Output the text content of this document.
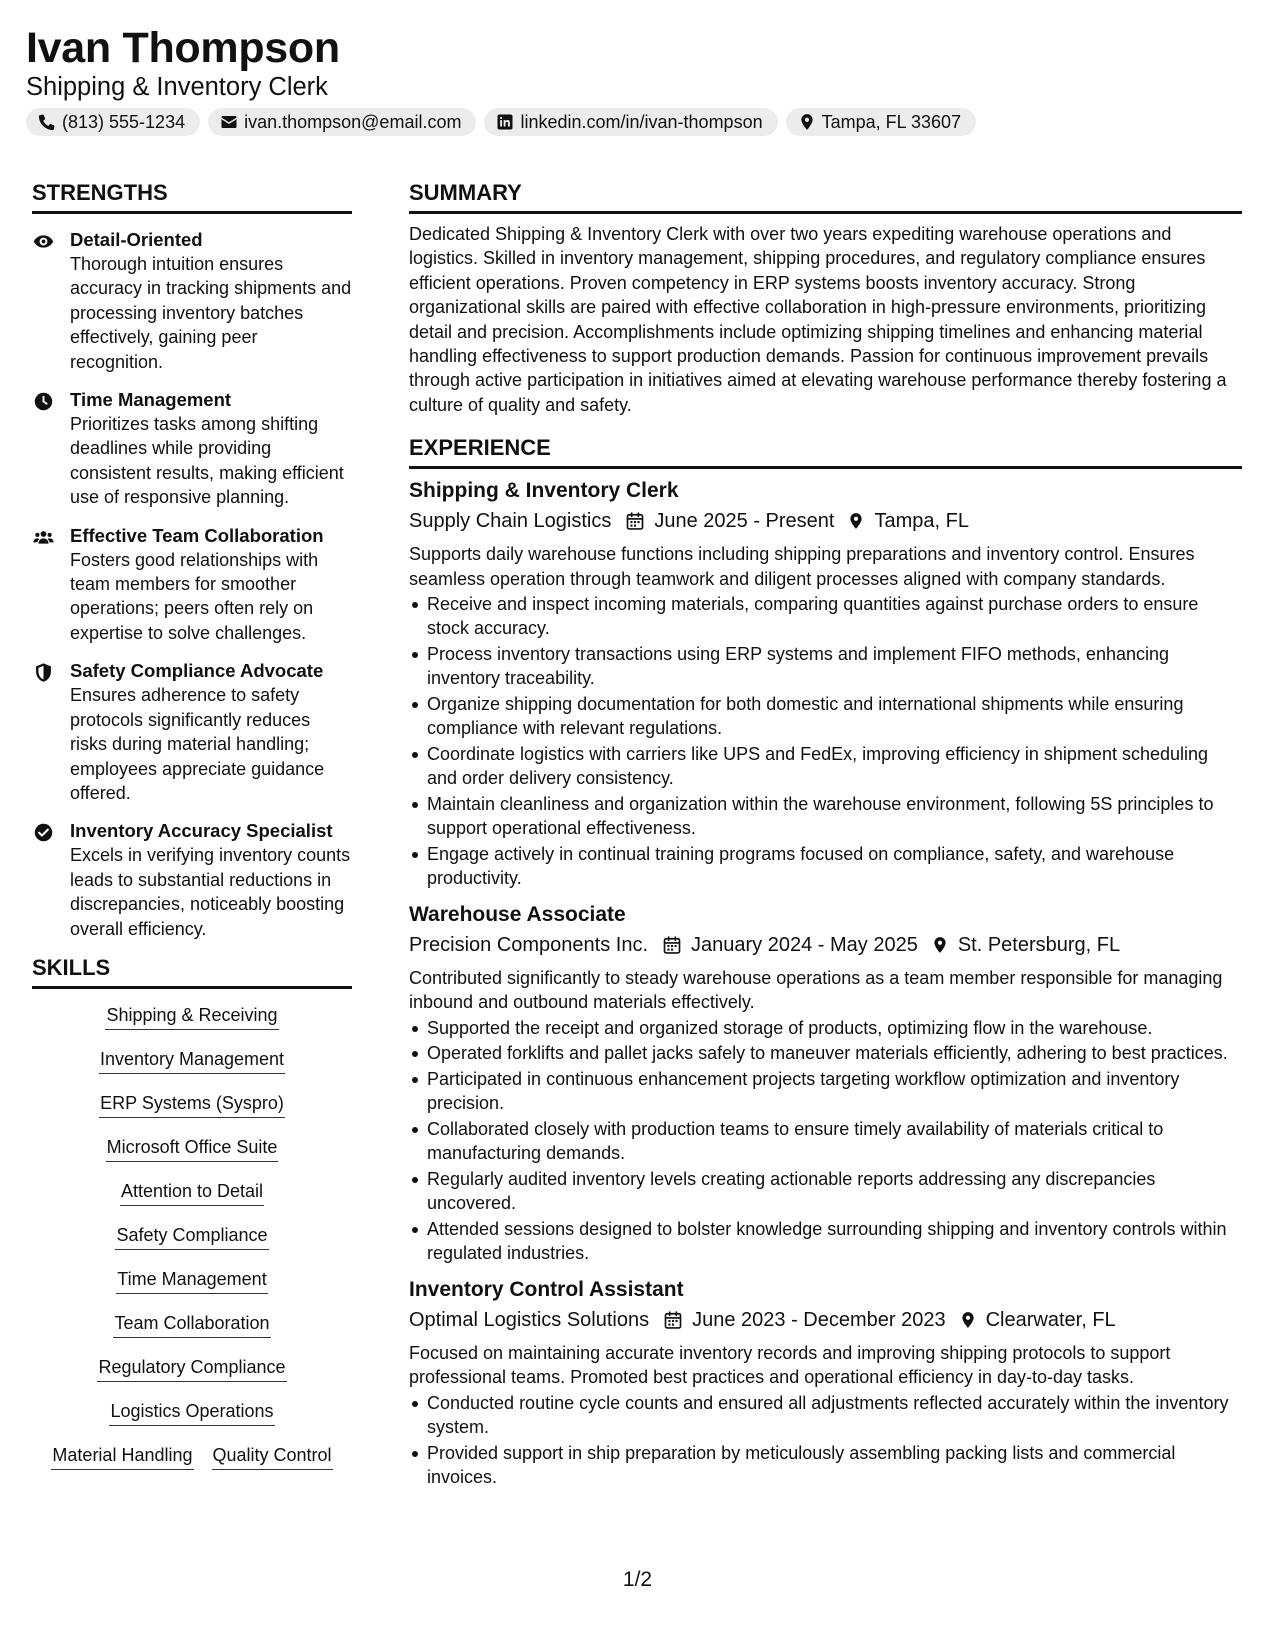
Ivan Thompson
Shipping & Inventory Clerk
(813) 555-1234	ivan.thompson@email.com	linkedin.com/in/ivan-thompson	Tampa, FL 33607
STRENGTHS
Detail-Oriented
Thorough intuition ensures accuracy in tracking shipments and processing inventory batches effectively, gaining peer recognition.
Time Management
Prioritizes tasks among shifting deadlines while providing consistent results, making efficient use of responsive planning.
Effective Team Collaboration
Fosters good relationships with team members for smoother operations; peers often rely on expertise to solve challenges.
Safety Compliance Advocate
Ensures adherence to safety protocols significantly reduces risks during material handling; employees appreciate guidance offered.
Inventory Accuracy Specialist
Excels in verifying inventory counts leads to substantial reductions in discrepancies, noticeably boosting overall efficiency.
SKILLS
Shipping & Receiving
Inventory Management
ERP Systems (Syspro)
Microsoft Office Suite
Attention to Detail
Safety Compliance
Time Management
Team Collaboration
Regulatory Compliance
Logistics Operations
Material Handling Quality Control
SUMMARY
Dedicated Shipping & Inventory Clerk with over two years expediting warehouse operations and logistics. Skilled in inventory management, shipping procedures, and regulatory compliance ensures efficient operations. Proven competency in ERP systems boosts inventory accuracy. Strong organizational skills are paired with effective collaboration in high-pressure environments, prioritizing detail and precision. Accomplishments include optimizing shipping timelines and enhancing material handling effectiveness to support production demands. Passion for continuous improvement prevails through active participation in initiatives aimed at elevating warehouse performance thereby fostering a culture of quality and safety.
EXPERIENCE
Shipping & Inventory Clerk
Supply Chain Logistics June 2025 - Present Tampa, FL
Supports daily warehouse functions including shipping preparations and inventory control. Ensures seamless operation through teamwork and diligent processes aligned with company standards.
Receive and inspect incoming materials, comparing quantities against purchase orders to ensure stock accuracy.
Process inventory transactions using ERP systems and implement FIFO methods, enhancing inventory traceability.
Organize shipping documentation for both domestic and international shipments while ensuring compliance with relevant regulations.
Coordinate logistics with carriers like UPS and FedEx, improving efficiency in shipment scheduling and order delivery consistency.
Maintain cleanliness and organization within the warehouse environment, following 5S principles to support operational effectiveness.
Engage actively in continual training programs focused on compliance, safety, and warehouse productivity.
Warehouse Associate
Precision Components Inc. January 2024 - May 2025 St. Petersburg, FL
Contributed significantly to steady warehouse operations as a team member responsible for managing inbound and outbound materials effectively.
Supported the receipt and organized storage of products, optimizing flow in the warehouse.
Operated forklifts and pallet jacks safely to maneuver materials efficiently, adhering to best practices.
Participated in continuous enhancement projects targeting workflow optimization and inventory precision.
Collaborated closely with production teams to ensure timely availability of materials critical to manufacturing demands.
Regularly audited inventory levels creating actionable reports addressing any discrepancies uncovered.
Attended sessions designed to bolster knowledge surrounding shipping and inventory controls within regulated industries.
Inventory Control Assistant
Optimal Logistics Solutions June 2023 - December 2023 Clearwater, FL
Focused on maintaining accurate inventory records and improving shipping protocols to support professional teams. Promoted best practices and operational efficiency in day-to-day tasks.
Conducted routine cycle counts and ensured all adjustments reflected accurately within the inventory system.
Provided support in ship preparation by meticulously assembling packing lists and commercial invoices.
1/2
